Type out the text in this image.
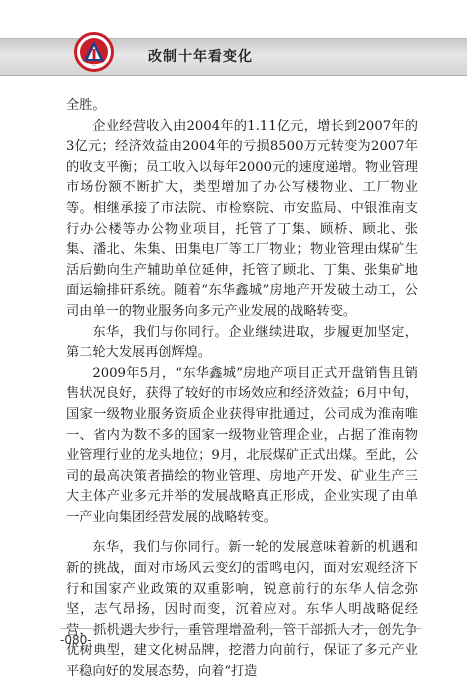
改制十年看变化

全胜。

企业经营收入由2004年的1.11亿元，增长到2007年的3亿元；经济效益由2004年的亏损8500万元转变为2007年的收支平衡；员工收入以每年2000元的速度递增。物业管理市场份额不断扩大，类型增加了办公写楼物业、工厂物业等。相继承接了市法院、市检察院、市安监局、中银淮南支行办公楼等办公物业项目，托管了丁集、顾桥、顾北、张集、潘北、朱集、田集电厂等工厂物业；物业管理由煤矿生活后勤向生产辅助单位延伸，托管了顾北、丁集、张集矿地面运输排矸系统。随着“东华鑫城”房地产开发破土动工，公司由单一的物业服务向多元产业发展的战略转变。

东华，我们与你同行。企业继续进取，步履更加坚定，第二轮大发展再创辉煌。

2009年5月，“东华鑫城”房地产项目正式开盘销售且销售状况良好，获得了较好的市场效应和经济效益；6月中旬，国家一级物业服务资质企业获得审批通过，公司成为淮南唯一、省内为数不多的国家一级物业管理企业，占据了淮南物业管理行业的龙头地位；9月，北辰煤矿正式出煤。至此，公司的最高决策者描绘的物业管理、房地产开发、矿业生产三大主体产业多元并举的发展战略真正形成，企业实现了由单一产业向集团经营发展的战略转变。

东华，我们与你同行。新一轮的发展意味着新的机遇和新的挑战，面对市场风云变幻的雷鸣电闪，面对宏观经济下行和国家产业政策的双重影响，锐意前行的东华人信念弥坚，志气昂扬，因时而变，沉着应对。东华人明战略促经营，抓机遇大步行，重管理增盈利，管干部抓人才，创先争优树典型，建文化树品牌，挖潜力向前行，保证了多元产业平稳向好的发展态势，向着“打造

-080-
